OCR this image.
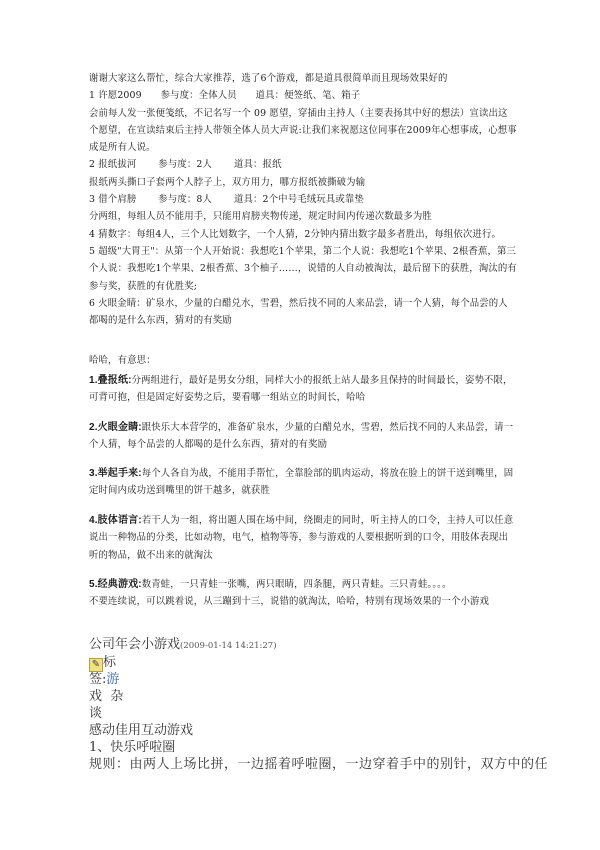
谢谢大家这么帮忙，综合大家推荐，选了6个游戏，都是道具很简单而且现场效果好的

1 许愿2009 参与度：全体人员 道具：便签纸、笔、箱子

会前每人发一张便笺纸，不记名写一个 09 愿望，穿插由主持人（主要表扬其中好的想法）宣读出这个愿望，在宣读结束后主持人带领全体人员大声说:让我们来祝愿这位同事在2009年心想事成，心想事成是所有人说。

2 报纸拔河 参与度：2人 道具：报纸

报纸两头撕口子套两个人脖子上，双方用力，哪方报纸被撕破为输

3 借个肩膀 参与度：8人 道具：2个中号毛绒玩具或靠垫

分两组，每组人员不能用手，只能用肩膀夹物传递，规定时间内传递次数最多为胜

4 猜数字：每组4人，三个人比划数字，一个人猜，2分钟内猜出数字最多者胜出，每组依次进行。

5 超级"大胃王"：从第一个人开始说：我想吃1个苹果，第二个人说：我想吃1个苹果、2根香蕉，第三个人说：我想吃1个苹果、2根香蕉、3个柚子……，说错的人自动被淘汰，最后留下的获胜，淘汰的有参与奖，获胜的有优胜奖;

6 火眼金睛：矿泉水，少量的白醋兑水，雪碧，然后找不同的人来品尝，请一个人猜，每个品尝的人都喝的是什么东西，猜对的有奖励

哈哈，有意思：

1.叠报纸:分两组进行，最好是男女分组，同样大小的报纸上站人最多且保持的时间最长，姿势不限，可背可抱，但是固定好姿势之后，要看哪一组站立的时间长，哈哈

2.火眼金睛:跟快乐大本营学的，准备矿泉水，少量的白醋兑水，雪碧，然后找不同的人来品尝，请一个人猜，每个品尝的人都喝的是什么东西，猜对的有奖励

3.举起手来:每个人各自为战，不能用手帮忙，全靠脸部的肌肉运动，将放在脸上的饼干送到嘴里，固定时间内成功送到嘴里的饼干越多，就获胜

4.肢体语言:若干人为一组，将出题人围在场中间，绕圈走的同时，听主持人的口令，主持人可以任意说出一种物品的分类，比如动物，电气，植物等等，参与游戏的人要根据听到的口令，用肢体表现出听的物品，做不出来的就淘汰

5.经典游戏:数青蛙，一只青蛙一张嘴，两只眼睛，四条腿，两只青蛙。三只青蛙。。。。

不要连续说，可以跳着说，从三蹦到十三，说错的就淘汰，哈哈，特别有现场效果的一个小游戏

公司年会小游戏(2009-01-14 14:21:27)
✎ 标
签:游
戏 杂
谈
感动佳用互动游戏
1、快乐呼啦圈
规则：由两人上场比拼，一边摇着呼啦圈，一边穿着手中的别针，双方中的任
